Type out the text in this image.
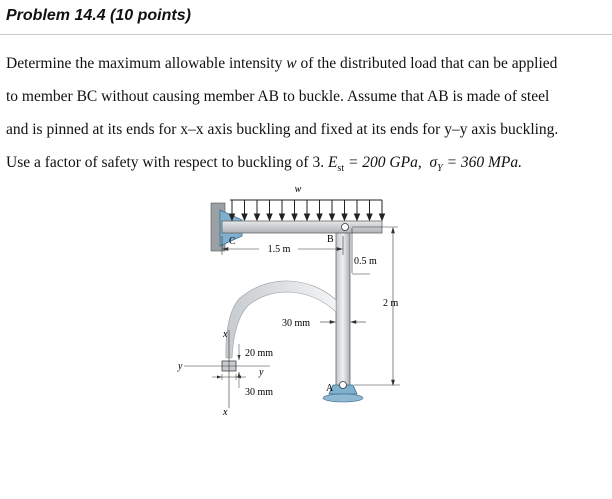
Problem 14.4 (10 points)
Determine the maximum allowable intensity w of the distributed load that can be applied
to member BC without causing member AB to buckle. Assume that AB is made of steel
and is pinned at its ends for x–x axis buckling and fixed at its ends for y–y axis buckling.
Use a factor of safety with respect to buckling of 3. $E_{st} = 200$ GPa, $\sigma_Y = 360$ MPa.
w
C	B
A
1.5 m
0.5 m
2 m
30 mm
20 mm
30 mm
y
y
x
x
